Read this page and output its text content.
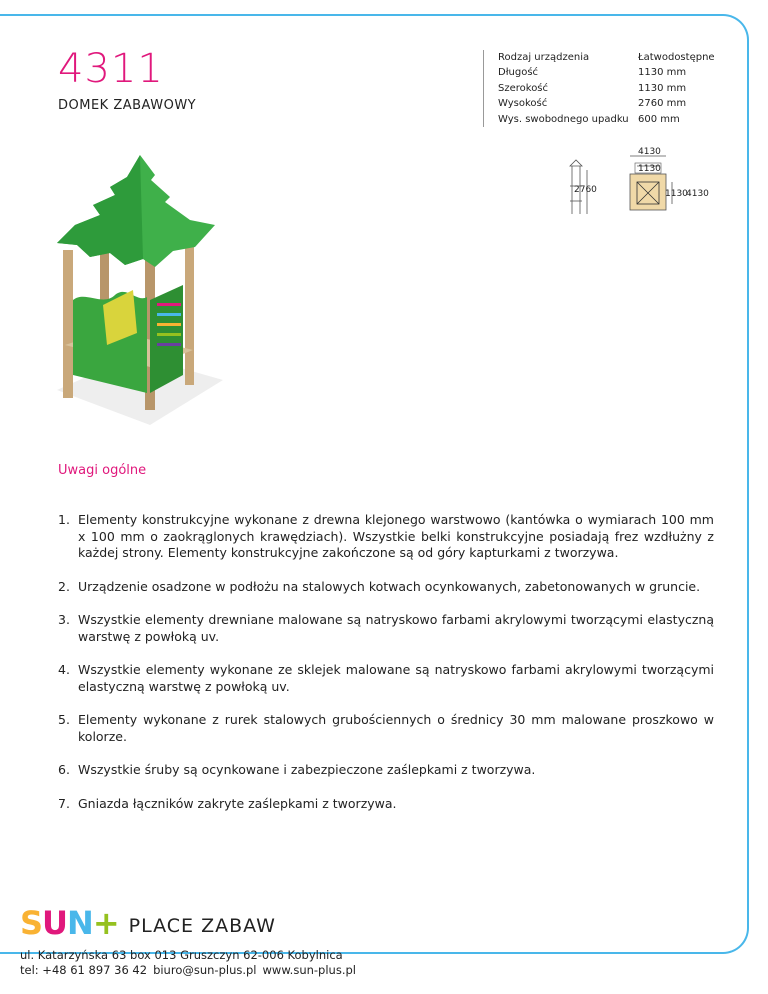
4311
DOMEK ZABAWOWY
Rodzaj urządzenia	Łatwodostępne
Długość	1130 mm
Szerokość	1130 mm
Wysokość	2760 mm
Wys. swobodnego upadku 600 mm
2760
4130
1130
1130
4130
Uwagi ogólne
1. Elementy konstrukcyjne wykonane z drewna klejonego warstwowo (kantówka o wymiarach 100 mm x 100 mm o zaokrąglonych krawędziach). Wszystkie belki konstrukcyjne posiadają frez wzdłużny z każdej strony. Elementy konstrukcyjne zakończone są od góry kapturkami z tworzywa.
2. Urządzenie osadzone w podłożu na stalowych kotwach ocynkowanych, zabetonowanych w gruncie.
3. Wszystkie elementy drewniane malowane są natryskowo farbami akrylowymi tworzącymi elastyczną warstwę z powłoką uv.
4. Wszystkie elementy wykonane ze sklejek malowane są natryskowo farbami akrylowymi tworzącymi elastyczną warstwę z powłoką uv.
5. Elementy wykonane z rurek stalowych grubościennych o średnicy 30 mm malowane proszkowo w kolorze.
6. Wszystkie śruby są ocynkowane i zabezpieczone zaślepkami z tworzywa.
7. Gniazda łączników zakryte zaślepkami z tworzywa.
SUN+ PLACE ZABAW
ul. Katarzyńska 63 box 013 Gruszczyn 62-006 Kobylnica
tel: +48 61 897 36 42 biuro@sun-plus.pl www.sun-plus.pl
